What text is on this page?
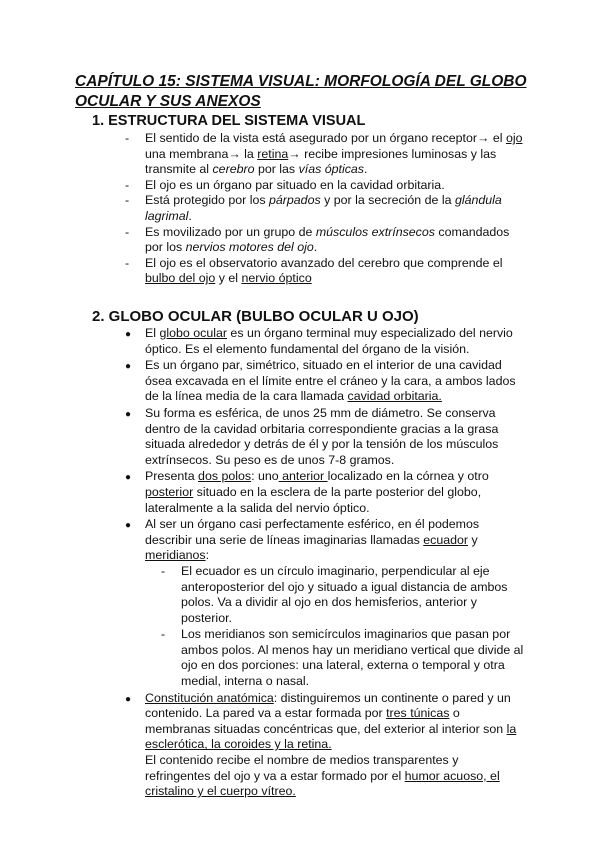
CAPÍTULO 15: SISTEMA VISUAL: MORFOLOGÍA DEL GLOBO OCULAR Y SUS ANEXOS
1. ESTRUCTURA DEL SISTEMA VISUAL
-
El sentido de la vista está asegurado por un órgano receptor→ el ojo una membrana→ la retina→ recibe impresiones luminosas y las transmite al cerebro por las vías ópticas.
-
El ojo es un órgano par situado en la cavidad orbitaria.
-
Está protegido por los párpados y por la secreción de la glándula lagrimal.
-
Es movilizado por un grupo de músculos extrínsecos comandados por los nervios motores del ojo.
-
El ojo es el observatorio avanzado del cerebro que comprende el bulbo del ojo y el nervio óptico
2. GLOBO OCULAR (BULBO OCULAR U OJO)
●
El globo ocular es un órgano terminal muy especializado del nervio óptico. Es el elemento fundamental del órgano de la visión.
●
Es un órgano par, simétrico, situado en el interior de una cavidad ósea excavada en el límite entre el cráneo y la cara, a ambos lados de la línea media de la cara llamada cavidad orbitaria.
●
Su forma es esférica, de unos 25 mm de diámetro. Se conserva dentro de la cavidad orbitaria correspondiente gracias a la grasa situada alrededor y detrás de él y por la tensión de los músculos extrínsecos. Su peso es de unos 7-8 gramos.
●
Presenta dos polos: uno anterior localizado en la córnea y otro posterior situado en la esclera de la parte posterior del globo, lateralmente a la salida del nervio óptico.
●
Al ser un órgano casi perfectamente esférico, en él podemos describir una serie de líneas imaginarias llamadas ecuador y meridianos:
-
El ecuador es un círculo imaginario, perpendicular al eje anteroposterior del ojo y situado a igual distancia de ambos polos. Va a dividir al ojo en dos hemisferios, anterior y posterior.
-
Los meridianos son semicírculos imaginarios que pasan por ambos polos. Al menos hay un meridiano vertical que divide al ojo en dos porciones: una lateral, externa o temporal y otra medial, interna o nasal.
●
Constitución anatómica: distinguiremos un continente o pared y un contenido. La pared va a estar formada por tres túnicas o membranas situadas concéntricas que, del exterior al interior son la esclerótica, la coroides y la retina.
El contenido recibe el nombre de medios transparentes y refringentes del ojo y va a estar formado por el humor acuoso, el cristalino y el cuerpo vítreo.
